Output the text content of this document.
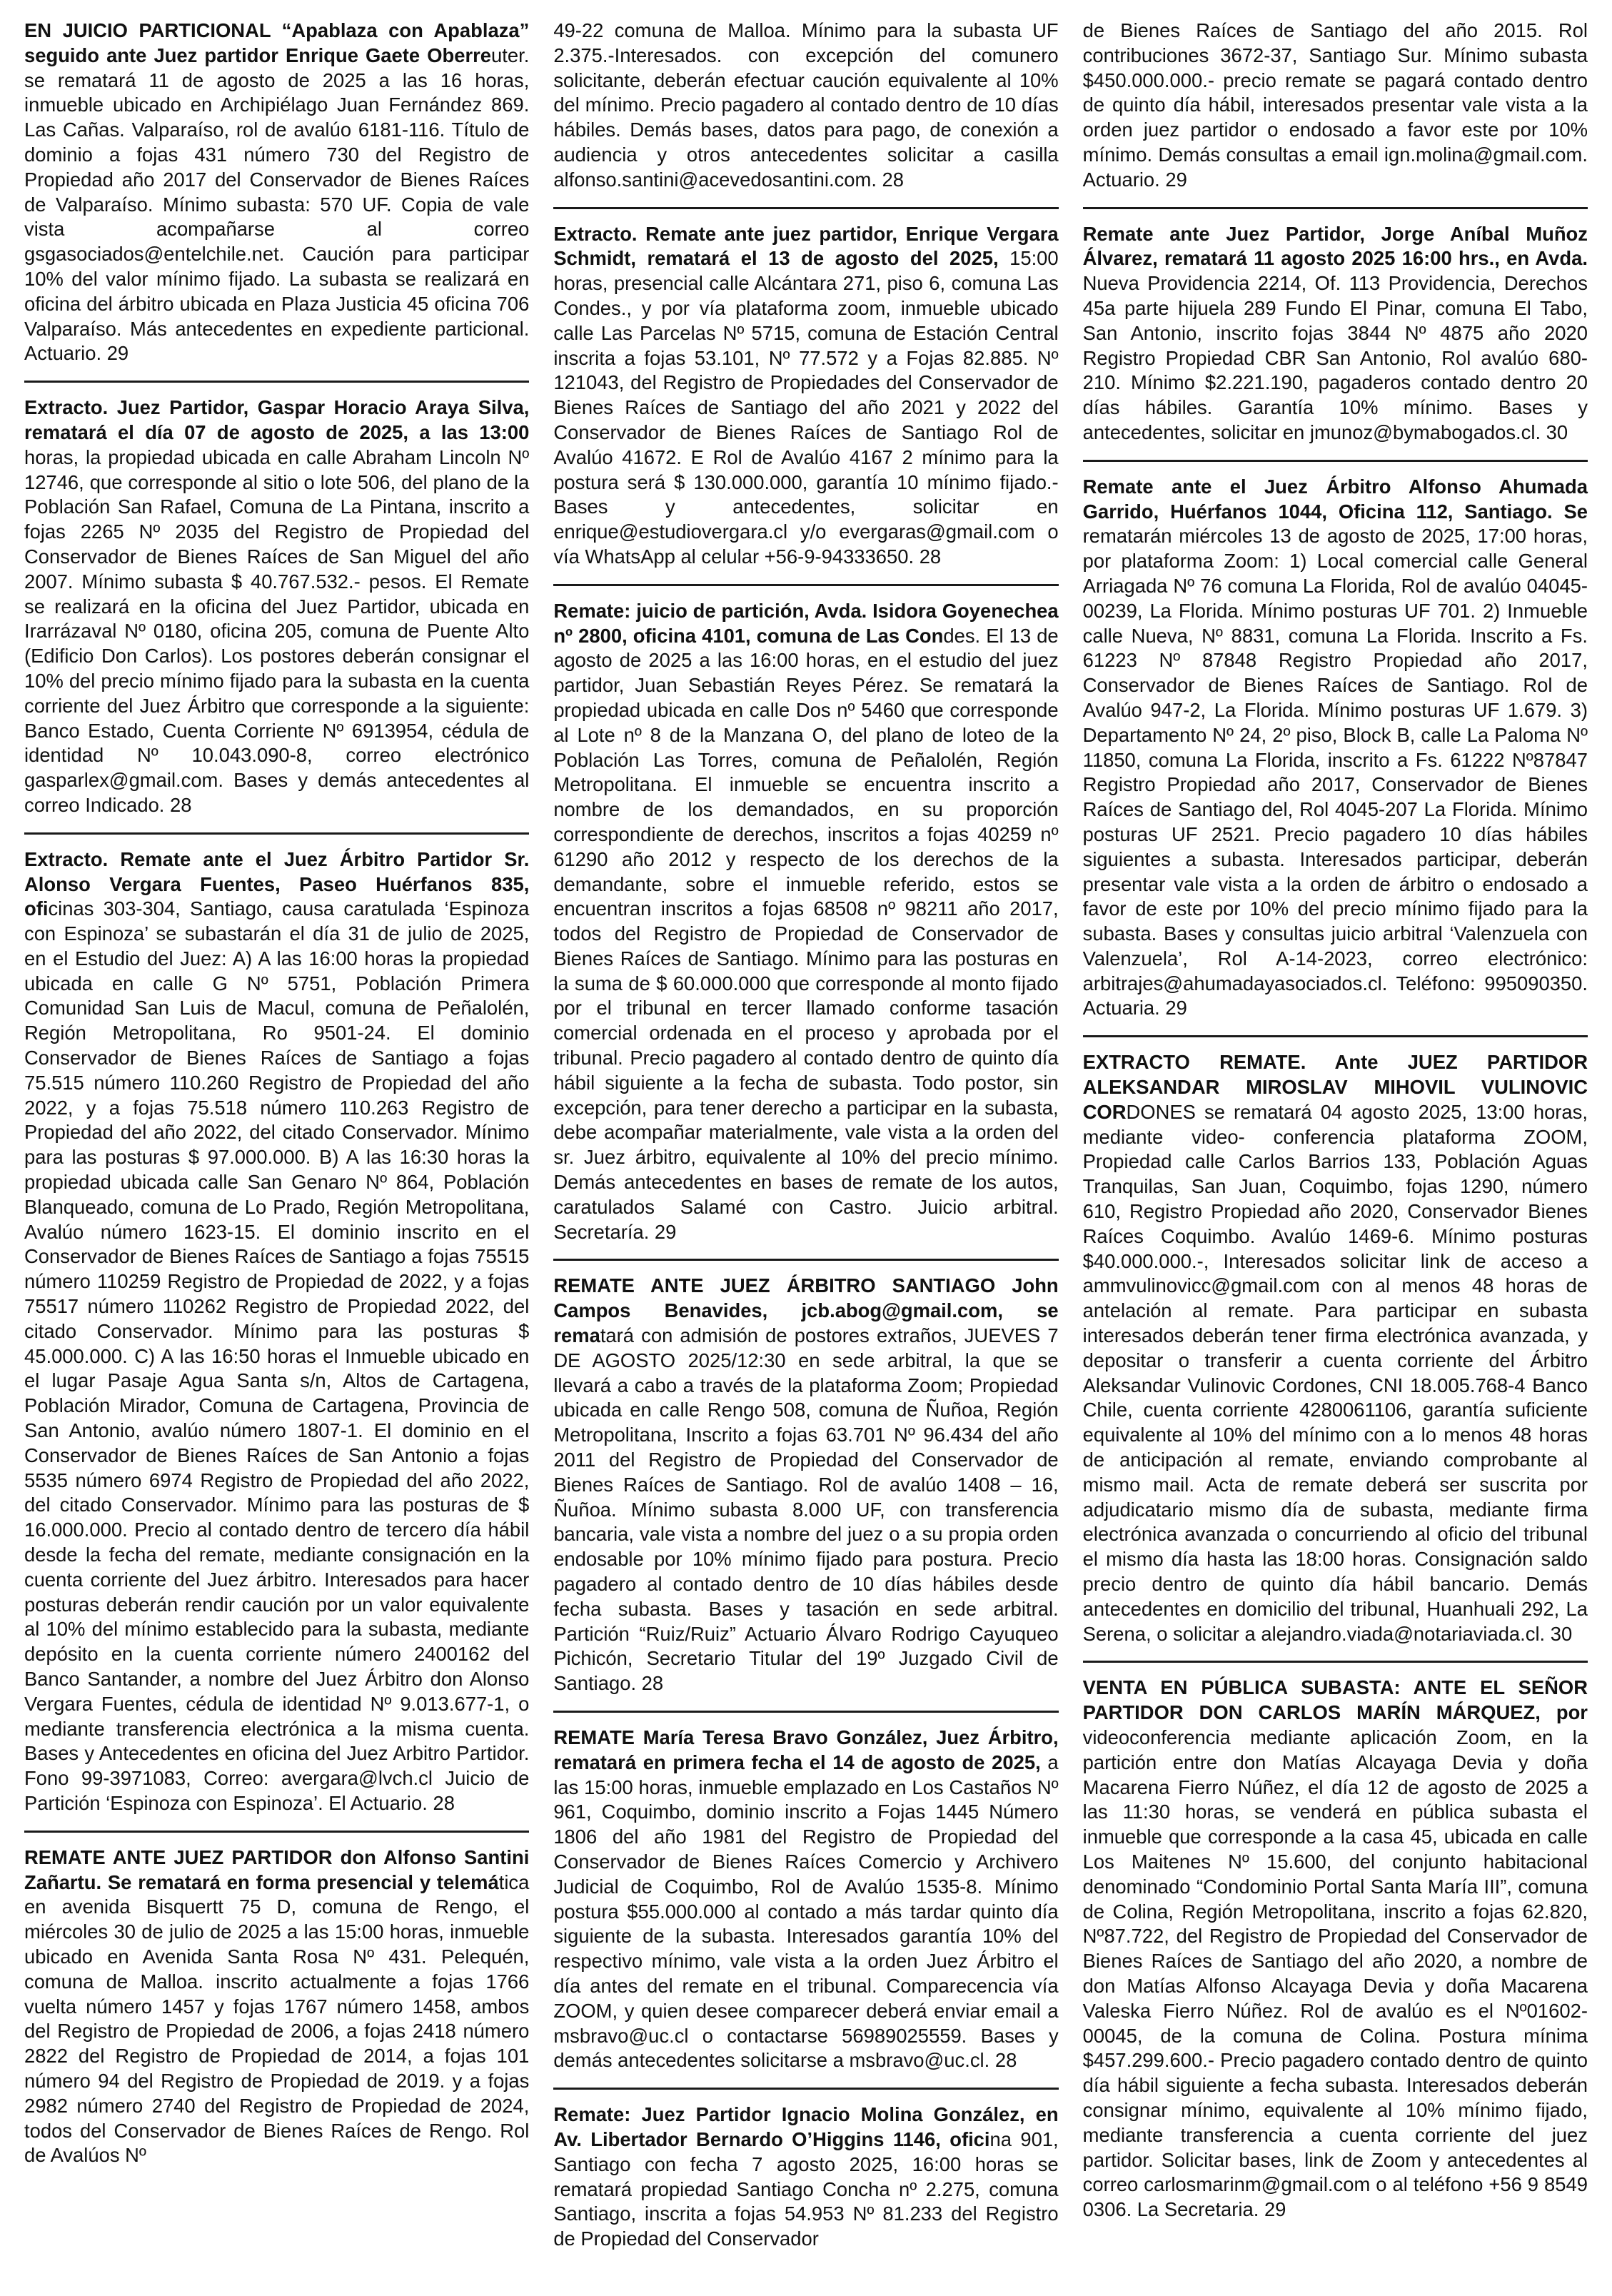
EN JUICIO PARTICIONAL “Apablaza con Apablaza” seguido ante Juez partidor Enrique Gaete Oberreuter. se rematará 11 de agosto de 2025 a las 16 horas, inmueble ubicado en Archipiélago Juan Fernández 869. Las Cañas. Valparaíso, rol de avalúo 6181-116. Título de dominio a fojas 431 número 730 del Registro de Propiedad año 2017 del Conservador de Bienes Raíces de Valparaíso. Mínimo subasta: 570 UF. Copia de vale vista acompañarse al correo gsgasociados@entelchile.net. Caución para participar 10% del valor mínimo fijado. La subasta se realizará en oficina del árbitro ubicada en Plaza Justicia 45 oficina 706 Valparaíso. Más antecedentes en expediente particional. Actuario. 29
Extracto. Juez Partidor, Gaspar Horacio Araya Silva, rematará el día 07 de agosto de 2025, a las 13:00 horas, la propiedad ubicada en calle Abraham Lincoln Nº 12746, que corresponde al sitio o lote 506, del plano de la Población San Rafael, Comuna de La Pintana, inscrito a fojas 2265 Nº 2035 del Registro de Propiedad del Conservador de Bienes Raíces de San Miguel del año 2007. Mínimo subasta $ 40.767.532.- pesos. El Remate se realizará en la oficina del Juez Partidor, ubicada en Irarrázaval Nº 0180, oficina 205, comuna de Puente Alto (Edificio Don Carlos). Los postores deberán consignar el 10% del precio mínimo fijado para la subasta en la cuenta corriente del Juez Árbitro que corresponde a la siguiente: Banco Estado, Cuenta Corriente Nº 6913954, cédula de identidad Nº 10.043.090-8, correo electrónico gasparlex@gmail.com. Bases y demás antecedentes al correo Indicado. 28
Extracto. Remate ante el Juez Árbitro Partidor Sr. Alonso Vergara Fuentes, Paseo Huérfanos 835, oficinas 303-304, Santiago, causa caratulada ‘Espinoza con Espinoza’ se subastarán el día 31 de julio de 2025, en el Estudio del Juez: A) A las 16:00 horas la propiedad ubicada en calle G Nº 5751, Población Primera Comunidad San Luis de Macul, comuna de Peñalolén, Región Metropolitana, Ro 9501-24. El dominio Conservador de Bienes Raíces de Santiago a fojas 75.515 número 110.260 Registro de Propiedad del año 2022, y a fojas 75.518 número 110.263 Registro de Propiedad del año 2022, del citado Conservador. Mínimo para las posturas $ 97.000.000. B) A las 16:30 horas la propiedad ubicada calle San Genaro Nº 864, Población Blanqueado, comuna de Lo Prado, Región Metropolitana, Avalúo número 1623-15. El dominio inscrito en el Conservador de Bienes Raíces de Santiago a fojas 75515 número 110259 Registro de Propiedad de 2022, y a fojas 75517 número 110262 Registro de Propiedad 2022, del citado Conservador. Mínimo para las posturas $ 45.000.000. C) A las 16:50 horas el Inmueble ubicado en el lugar Pasaje Agua Santa s/n, Altos de Cartagena, Población Mirador, Comuna de Cartagena, Provincia de San Antonio, avalúo número 1807-1. El dominio en el Conservador de Bienes Raíces de San Antonio a fojas 5535 número 6974 Registro de Propiedad del año 2022, del citado Conservador. Mínimo para las posturas de $ 16.000.000. Precio al contado dentro de tercero día hábil desde la fecha del remate, mediante consignación en la cuenta corriente del Juez árbitro. Interesados para hacer posturas deberán rendir caución por un valor equivalente al 10% del mínimo establecido para la subasta, mediante depósito en la cuenta corriente número 2400162 del Banco Santander, a nombre del Juez Árbitro don Alonso Vergara Fuentes, cédula de identidad Nº 9.013.677-1, o mediante transferencia electrónica a la misma cuenta. Bases y Antecedentes en oficina del Juez Arbitro Partidor. Fono 99-3971083, Correo: avergara@lvch.cl Juicio de Partición ‘Espinoza con Espinoza’. El Actuario. 28
REMATE ANTE JUEZ PARTIDOR don Alfonso Santini Zañartu. Se rematará en forma presencial y telemática en avenida Bisquertt 75 D, comuna de Rengo, el miércoles 30 de julio de 2025 a las 15:00 horas, inmueble ubicado en Avenida Santa Rosa Nº 431. Pelequén, comuna de Malloa. inscrito actualmente a fojas 1766 vuelta número 1457 y fojas 1767 número 1458, ambos del Registro de Propiedad de 2006, a fojas 2418 número 2822 del Registro de Propiedad de 2014, a fojas 101 número 94 del Registro de Propiedad de 2019. y a fojas 2982 número 2740 del Registro de Propiedad de 2024, todos del Conservador de Bienes Raíces de Rengo. Rol de Avalúos Nº
49-22 comuna de Malloa. Mínimo para la subasta UF 2.375.-Interesados. con excepción del comunero solicitante, deberán efectuar caución equivalente al 10% del mínimo. Precio pagadero al contado dentro de 10 días hábiles. Demás bases, datos para pago, de conexión a audiencia y otros antecedentes solicitar a casilla alfonso.santini@acevedosantini.com. 28
Extracto. Remate ante juez partidor, Enrique Vergara Schmidt, rematará el 13 de agosto del 2025, 15:00 horas, presencial calle Alcántara 271, piso 6, comuna Las Condes., y por vía plataforma zoom, inmueble ubicado calle Las Parcelas Nº 5715, comuna de Estación Central inscrita a fojas 53.101, Nº 77.572 y a Fojas 82.885. Nº 121043, del Registro de Propiedades del Conservador de Bienes Raíces de Santiago del año 2021 y 2022 del Conservador de Bienes Raíces de Santiago Rol de Avalúo 41672. E Rol de Avalúo 4167 2 mínimo para la postura será $ 130.000.000, garantía 10 mínimo fijado.- Bases y antecedentes, solicitar en enrique@estudiovergara.cl y/o evergaras@gmail.com o vía WhatsApp al celular +56-9-94333650. 28
Remate: juicio de partición, Avda. Isidora Goyenechea nº 2800, oficina 4101, comuna de Las Condes. El 13 de agosto de 2025 a las 16:00 horas, en el estudio del juez partidor, Juan Sebastián Reyes Pérez. Se rematará la propiedad ubicada en calle Dos nº 5460 que corresponde al Lote nº 8 de la Manzana O, del plano de loteo de la Población Las Torres, comuna de Peñalolén, Región Metropolitana. El inmueble se encuentra inscrito a nombre de los demandados, en su proporción correspondiente de derechos, inscritos a fojas 40259 nº 61290 año 2012 y respecto de los derechos de la demandante, sobre el inmueble referido, estos se encuentran inscritos a fojas 68508 nº 98211 año 2017, todos del Registro de Propiedad de Conservador de Bienes Raíces de Santiago. Mínimo para las posturas en la suma de $ 60.000.000 que corresponde al monto fijado por el tribunal en tercer llamado conforme tasación comercial ordenada en el proceso y aprobada por el tribunal. Precio pagadero al contado dentro de quinto día hábil siguiente a la fecha de subasta. Todo postor, sin excepción, para tener derecho a participar en la subasta, debe acompañar materialmente, vale vista a la orden del sr. Juez árbitro, equivalente al 10% del precio mínimo. Demás antecedentes en bases de remate de los autos, caratulados Salamé con Castro. Juicio arbitral. Secretaría. 29
REMATE ANTE JUEZ ÁRBITRO SANTIAGO John Campos Benavides, jcb.abog@gmail.com, se rematará con admisión de postores extraños, JUEVES 7 DE AGOSTO 2025/12:30 en sede arbitral, la que se llevará a cabo a través de la plataforma Zoom; Propiedad ubicada en calle Rengo 508, comuna de Ñuñoa, Región Metropolitana, Inscrito a fojas 63.701 Nº 96.434 del año 2011 del Registro de Propiedad del Conservador de Bienes Raíces de Santiago. Rol de avalúo 1408 – 16, Ñuñoa. Mínimo subasta 8.000 UF, con transferencia bancaria, vale vista a nombre del juez o a su propia orden endosable por 10% mínimo fijado para postura. Precio pagadero al contado dentro de 10 días hábiles desde fecha subasta. Bases y tasación en sede arbitral. Partición “Ruiz/Ruiz” Actuario Álvaro Rodrigo Cayuqueo Pichicón, Secretario Titular del 19º Juzgado Civil de Santiago. 28
REMATE María Teresa Bravo González, Juez Árbitro, rematará en primera fecha el 14 de agosto de 2025, a las 15:00 horas, inmueble emplazado en Los Castaños Nº 961, Coquimbo, dominio inscrito a Fojas 1445 Número 1806 del año 1981 del Registro de Propiedad del Conservador de Bienes Raíces Comercio y Archivero Judicial de Coquimbo, Rol de Avalúo 1535-8. Mínimo postura $55.000.000 al contado a más tardar quinto día siguiente de la subasta. Interesados garantía 10% del respectivo mínimo, vale vista a la orden Juez Árbitro el día antes del remate en el tribunal. Comparecencia vía ZOOM, y quien desee comparecer deberá enviar email a msbravo@uc.cl o contactarse 56989025559. Bases y demás antecedentes solicitarse a msbravo@uc.cl. 28
Remate: Juez Partidor Ignacio Molina González, en Av. Libertador Bernardo O’Higgins 1146, oficina 901, Santiago con fecha 7 agosto 2025, 16:00 horas se rematará propiedad Santiago Concha nº 2.275, comuna Santiago, inscrita a fojas 54.953 Nº 81.233 del Registro de Propiedad del Conservador
de Bienes Raíces de Santiago del año 2015. Rol contribuciones 3672-37, Santiago Sur. Mínimo subasta $450.000.000.- precio remate se pagará contado dentro de quinto día hábil, interesados presentar vale vista a la orden juez partidor o endosado a favor este por 10% mínimo. Demás consultas a email ign.molina@gmail.com. Actuario. 29
Remate ante Juez Partidor, Jorge Aníbal Muñoz Álvarez, rematará 11 agosto 2025 16:00 hrs., en Avda. Nueva Providencia 2214, Of. 113 Providencia, Derechos 45a parte hijuela 289 Fundo El Pinar, comuna El Tabo, San Antonio, inscrito fojas 3844 Nº 4875 año 2020 Registro Propiedad CBR San Antonio, Rol avalúo 680-210. Mínimo $2.221.190, pagaderos contado dentro 20 días hábiles. Garantía 10% mínimo. Bases y antecedentes, solicitar en jmunoz@bymabogados.cl. 30
Remate ante el Juez Árbitro Alfonso Ahumada Garrido, Huérfanos 1044, Oficina 112, Santiago. Se rematarán miércoles 13 de agosto de 2025, 17:00 horas, por plataforma Zoom: 1) Local comercial calle General Arriagada Nº 76 comuna La Florida, Rol de avalúo 04045-00239, La Florida. Mínimo posturas UF 701. 2) Inmueble calle Nueva, Nº 8831, comuna La Florida. Inscrito a Fs. 61223 Nº 87848 Registro Propiedad año 2017, Conservador de Bienes Raíces de Santiago. Rol de Avalúo 947-2, La Florida. Mínimo posturas UF 1.679. 3) Departamento Nº 24, 2º piso, Block B, calle La Paloma Nº 11850, comuna La Florida, inscrito a Fs. 61222 Nº87847 Registro Propiedad año 2017, Conservador de Bienes Raíces de Santiago del, Rol 4045-207 La Florida. Mínimo posturas UF 2521. Precio pagadero 10 días hábiles siguientes a subasta. Interesados participar, deberán presentar vale vista a la orden de árbitro o endosado a favor de este por 10% del precio mínimo fijado para la subasta. Bases y consultas juicio arbitral ‘Valenzuela con Valenzuela’, Rol A-14-2023, correo electrónico: arbitrajes@ahumadayasociados.cl. Teléfono: 995090350. Actuaria. 29
EXTRACTO REMATE. Ante JUEZ PARTIDOR ALEKSANDAR MIROSLAV MIHOVIL VULINOVIC CORDONES se rematará 04 agosto 2025, 13:00 horas, mediante video- conferencia plataforma ZOOM, Propiedad calle Carlos Barrios 133, Población Aguas Tranquilas, San Juan, Coquimbo, fojas 1290, número 610, Registro Propiedad año 2020, Conservador Bienes Raíces Coquimbo. Avalúo 1469-6. Mínimo posturas $40.000.000.-, Interesados solicitar link de acceso a ammvulinovicc@gmail.com con al menos 48 horas de antelación al remate. Para participar en subasta interesados deberán tener firma electrónica avanzada, y depositar o transferir a cuenta corriente del Árbitro Aleksandar Vulinovic Cordones, CNI 18.005.768-4 Banco Chile, cuenta corriente 4280061106, garantía suficiente equivalente al 10% del mínimo con a lo menos 48 horas de anticipación al remate, enviando comprobante al mismo mail. Acta de remate deberá ser suscrita por adjudicatario mismo día de subasta, mediante firma electrónica avanzada o concurriendo al oficio del tribunal el mismo día hasta las 18:00 horas. Consignación saldo precio dentro de quinto día hábil bancario. Demás antecedentes en domicilio del tribunal, Huanhuali 292, La Serena, o solicitar a alejandro.viada@notariaviada.cl. 30
VENTA EN PÚBLICA SUBASTA: ANTE EL SEÑOR PARTIDOR DON CARLOS MARÍN MÁRQUEZ, por videoconferencia mediante aplicación Zoom, en la partición entre don Matías Alcayaga Devia y doña Macarena Fierro Núñez, el día 12 de agosto de 2025 a las 11:30 horas, se venderá en pública subasta el inmueble que corresponde a la casa 45, ubicada en calle Los Maitenes Nº 15.600, del conjunto habitacional denominado “Condominio Portal Santa María III”, comuna de Colina, Región Metropolitana, inscrito a fojas 62.820, Nº87.722, del Registro de Propiedad del Conservador de Bienes Raíces de Santiago del año 2020, a nombre de don Matías Alfonso Alcayaga Devia y doña Macarena Valeska Fierro Núñez. Rol de avalúo es el Nº01602-00045, de la comuna de Colina. Postura mínima $457.299.600.- Precio pagadero contado dentro de quinto día hábil siguiente a fecha subasta. Interesados deberán consignar mínimo, equivalente al 10% mínimo fijado, mediante transferencia a cuenta corriente del juez partidor. Solicitar bases, link de Zoom y antecedentes al correo carlosmarinm@gmail.com o al teléfono +56 9 8549 0306. La Secretaria. 29
